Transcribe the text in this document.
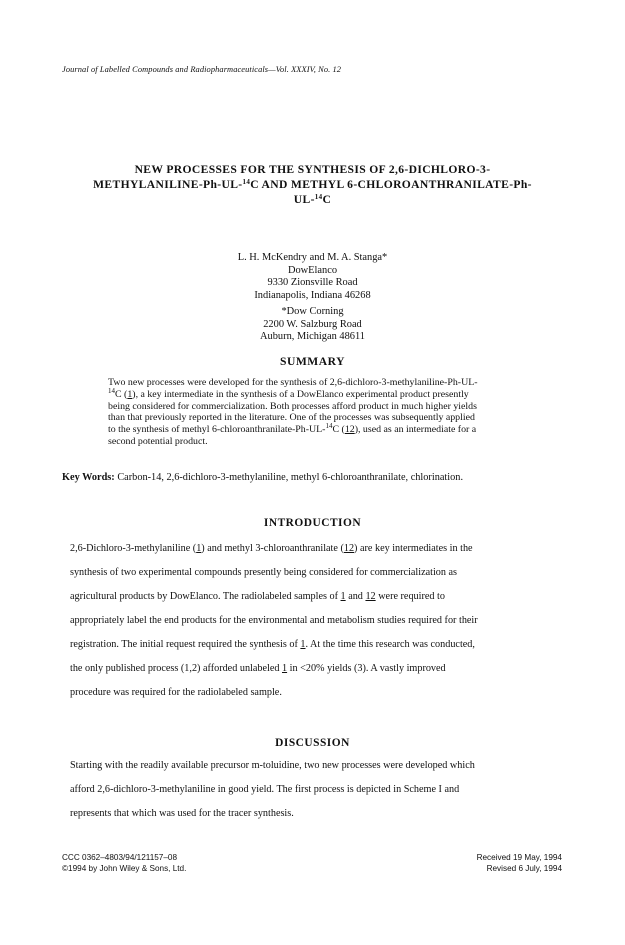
Journal of Labelled Compounds and Radiopharmaceuticals—Vol. XXXIV, No. 12
NEW PROCESSES FOR THE SYNTHESIS OF 2,6-DICHLORO-3-
METHYLANILINE-Ph-UL-$^{14}$C AND METHYL 6-CHLOROANTHRANILATE-Ph-
UL-$^{14}$C
L. H. McKendry and M. A. Stanga*
DowElanco
9330 Zionsville Road
Indianapolis, Indiana 46268
*Dow Corning
2200 W. Salzburg Road
Auburn, Michigan 48611
SUMMARY
Two new processes were developed for the synthesis of 2,6-dichloro-3-methylaniline-Ph-UL-
$^{14}$C (1), a key intermediate in the synthesis of a DowElanco experimental product presently
being considered for commercialization. Both processes afford product in much higher yields
than that previously reported in the literature. One of the processes was subsequently applied
to the synthesis of methyl 6-chloroanthranilate-Ph-UL-$^{14}$C (12), used as an intermediate for a
second potential product.
Key Words: Carbon-14, 2,6-dichloro-3-methylaniline, methyl 6-chloroanthranilate, chlorination.
INTRODUCTION
2,6-Dichloro-3-methylaniline (1) and methyl 3-chloroanthranilate (12) are key intermediates in the
synthesis of two experimental compounds presently being considered for commercialization as
agricultural products by DowElanco. The radiolabeled samples of 1 and 12 were required to
appropriately label the end products for the environmental and metabolism studies required for their
registration. The initial request required the synthesis of 1. At the time this research was conducted,
the only published process (1,2) afforded unlabeled 1 in <20% yields (3). A vastly improved
procedure was required for the radiolabeled sample.
DISCUSSION
Starting with the readily available precursor m-toluidine, two new processes were developed which
afford 2,6-dichloro-3-methylaniline in good yield. The first process is depicted in Scheme I and
represents that which was used for the tracer synthesis.
CCC 0362–4803/94/121157–08
©1994 by John Wiley & Sons, Ltd.
Received 19 May, 1994
Revised 6 July, 1994
